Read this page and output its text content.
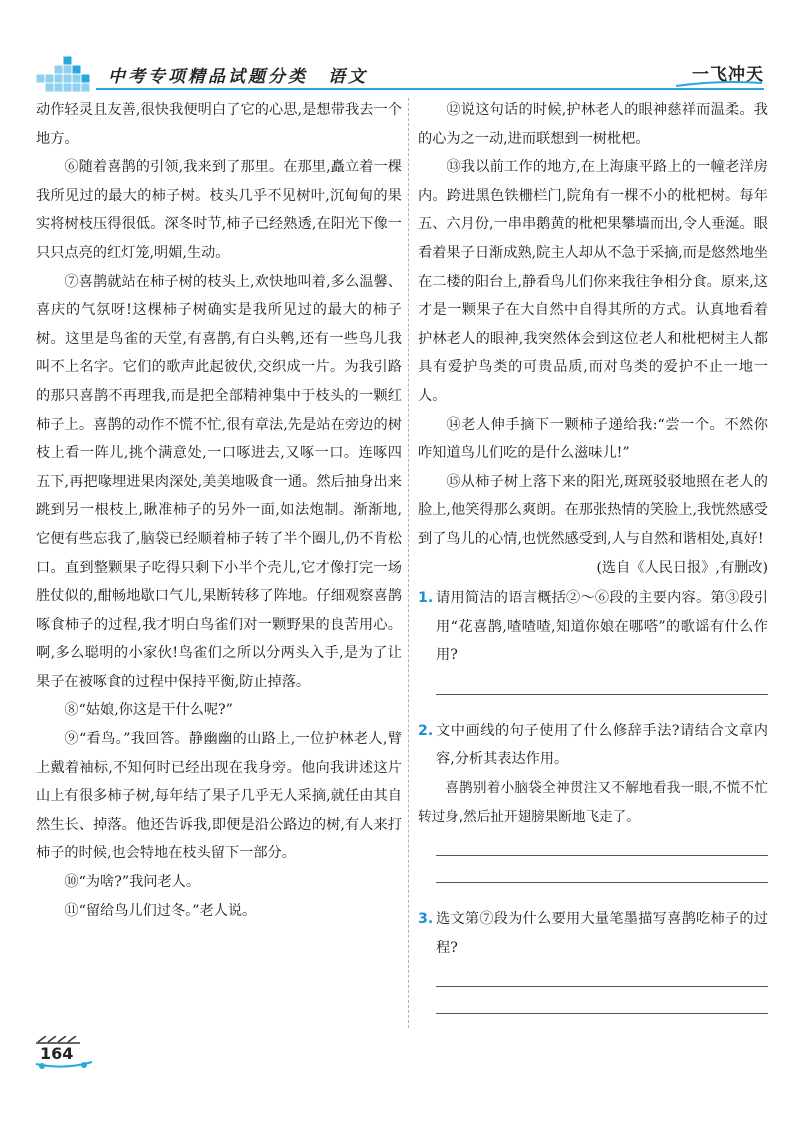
中考专项精品试题分类　语文	一飞冲天

动作轻灵且友善,很快我便明白了它的心思,是想带我去一个地方。

⑥随着喜鹊的引领,我来到了那里。在那里,矗立着一棵我所见过的最大的柿子树。枝头几乎不见树叶,沉甸甸的果实将树枝压得很低。深冬时节,柿子已经熟透,在阳光下像一只只点亮的红灯笼,明媚,生动。

⑦喜鹊就站在柿子树的枝头上,欢快地叫着,多么温馨、喜庆的气氛呀!这棵柿子树确实是我所见过的最大的柿子树。这里是鸟雀的天堂,有喜鹊,有白头鹎,还有一些鸟儿我叫不上名字。它们的歌声此起彼伏,交织成一片。为我引路的那只喜鹊不再理我,而是把全部精神集中于枝头的一颗红柿子上。喜鹊的动作不慌不忙,很有章法,先是站在旁边的树枝上看一阵儿,挑个满意处,一口啄进去,又啄一口。连啄四五下,再把喙埋进果肉深处,美美地吸食一通。然后抽身出来跳到另一根枝上,瞅准柿子的另外一面,如法炮制。渐渐地,它便有些忘我了,脑袋已经顺着柿子转了半个圈儿,仍不肯松口。直到整颗果子吃得只剩下小半个壳儿,它才像打完一场胜仗似的,酣畅地歇口气儿,果断转移了阵地。仔细观察喜鹊啄食柿子的过程,我才明白鸟雀们对一颗野果的良苦用心。啊,多么聪明的小家伙!鸟雀们之所以分两头入手,是为了让果子在被啄食的过程中保持平衡,防止掉落。

⑧“姑娘,你这是干什么呢?”

⑨“看鸟。”我回答。静幽幽的山路上,一位护林老人,臂上戴着袖标,不知何时已经出现在我身旁。他向我讲述这片山上有很多柿子树,每年结了果子几乎无人采摘,就任由其自然生长、掉落。他还告诉我,即便是沿公路边的树,有人来打柿子的时候,也会特地在枝头留下一部分。

⑩“为啥?”我问老人。

⑪“留给鸟儿们过冬。”老人说。

⑫说这句话的时候,护林老人的眼神慈祥而温柔。我的心为之一动,进而联想到一树枇杷。

⑬我以前工作的地方,在上海康平路上的一幢老洋房内。跨进黑色铁栅栏门,院角有一棵不小的枇杷树。每年五、六月份,一串串鹅黄的枇杷果攀墙而出,令人垂涎。眼看着果子日渐成熟,院主人却从不急于采摘,而是悠然地坐在二楼的阳台上,静看鸟儿们你来我往争相分食。原来,这才是一颗果子在大自然中自得其所的方式。认真地看着护林老人的眼神,我突然体会到这位老人和枇杷树主人都具有爱护鸟类的可贵品质,而对鸟类的爱护不止一地一人。

⑭老人伸手摘下一颗柿子递给我:“尝一个。不然你咋知道鸟儿们吃的是什么滋味儿!”

⑮从柿子树上落下来的阳光,斑斑驳驳地照在老人的脸上,他笑得那么爽朗。在那张热情的笑脸上,我恍然感受到了鸟儿的心情,也恍然感受到,人与自然和谐相处,真好!

(选自《人民日报》,有删改)

1. 请用简洁的语言概括②～⑥段的主要内容。第③段引用“花喜鹊,喳喳喳,知道你娘在哪嗒”的歌谣有什么作用?
2. 文中画线的句子使用了什么修辞手法?请结合文章内容,分析其表达作用。

喜鹊别着小脑袋全神贯注又不解地看我一眼,不慌不忙转过身,然后扯开翅膀果断地飞走了。

3. 选文第⑦段为什么要用大量笔墨描写喜鹊吃柿子的过程?
164
